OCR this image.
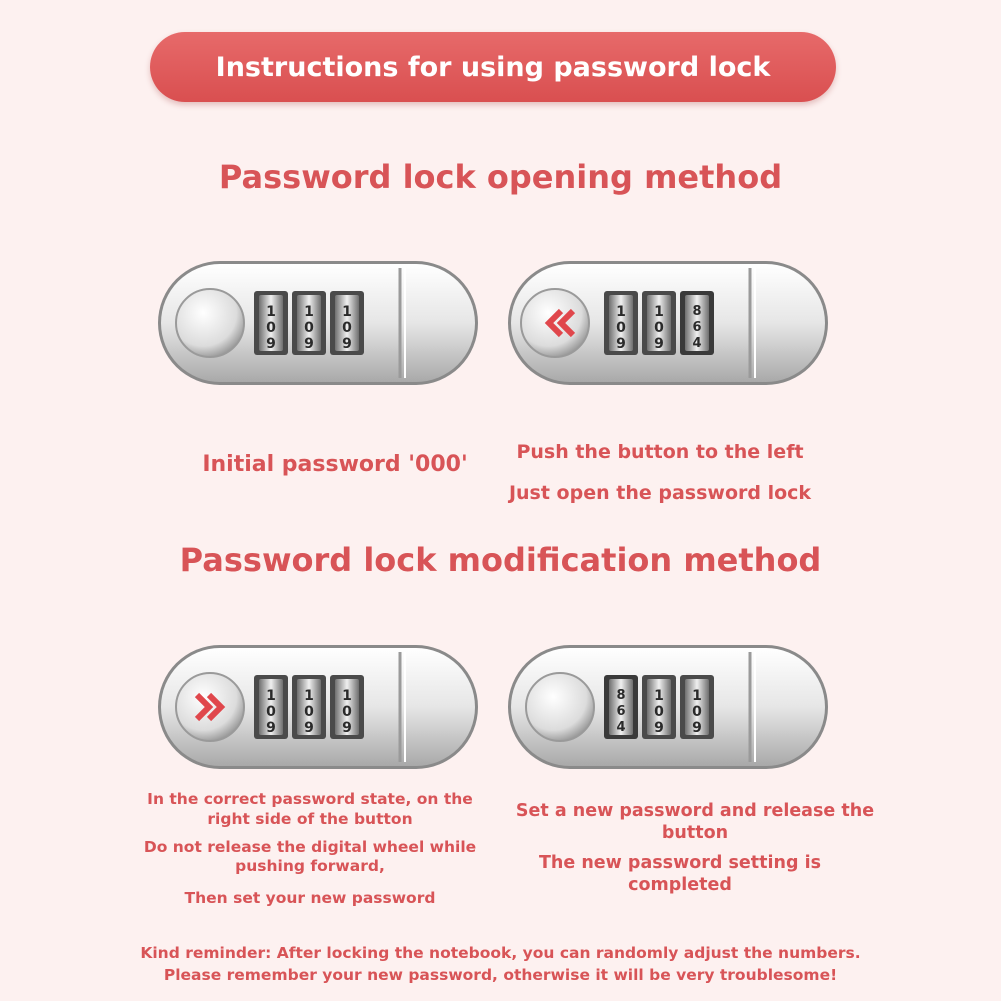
Instructions for using password lock
Password lock opening method
1
0
9
1
0
9
1
0
9
1
0
9
1
0
9
8
6
4
Initial password '000'	Push the button to the left
Just open the password lock
Password lock modification method
1
0
9
1
0
9
1
0
9
8
6
4
1
0
9
1
0
9
In the correct password state, on the
right side of the button
Do not release the digital wheel while
pushing forward,
Then set your new password
Set a new password and release the
button
The new password setting is
completed
Kind reminder: After locking the notebook, you can randomly adjust the numbers.
Please remember your new password, otherwise it will be very troublesome!
